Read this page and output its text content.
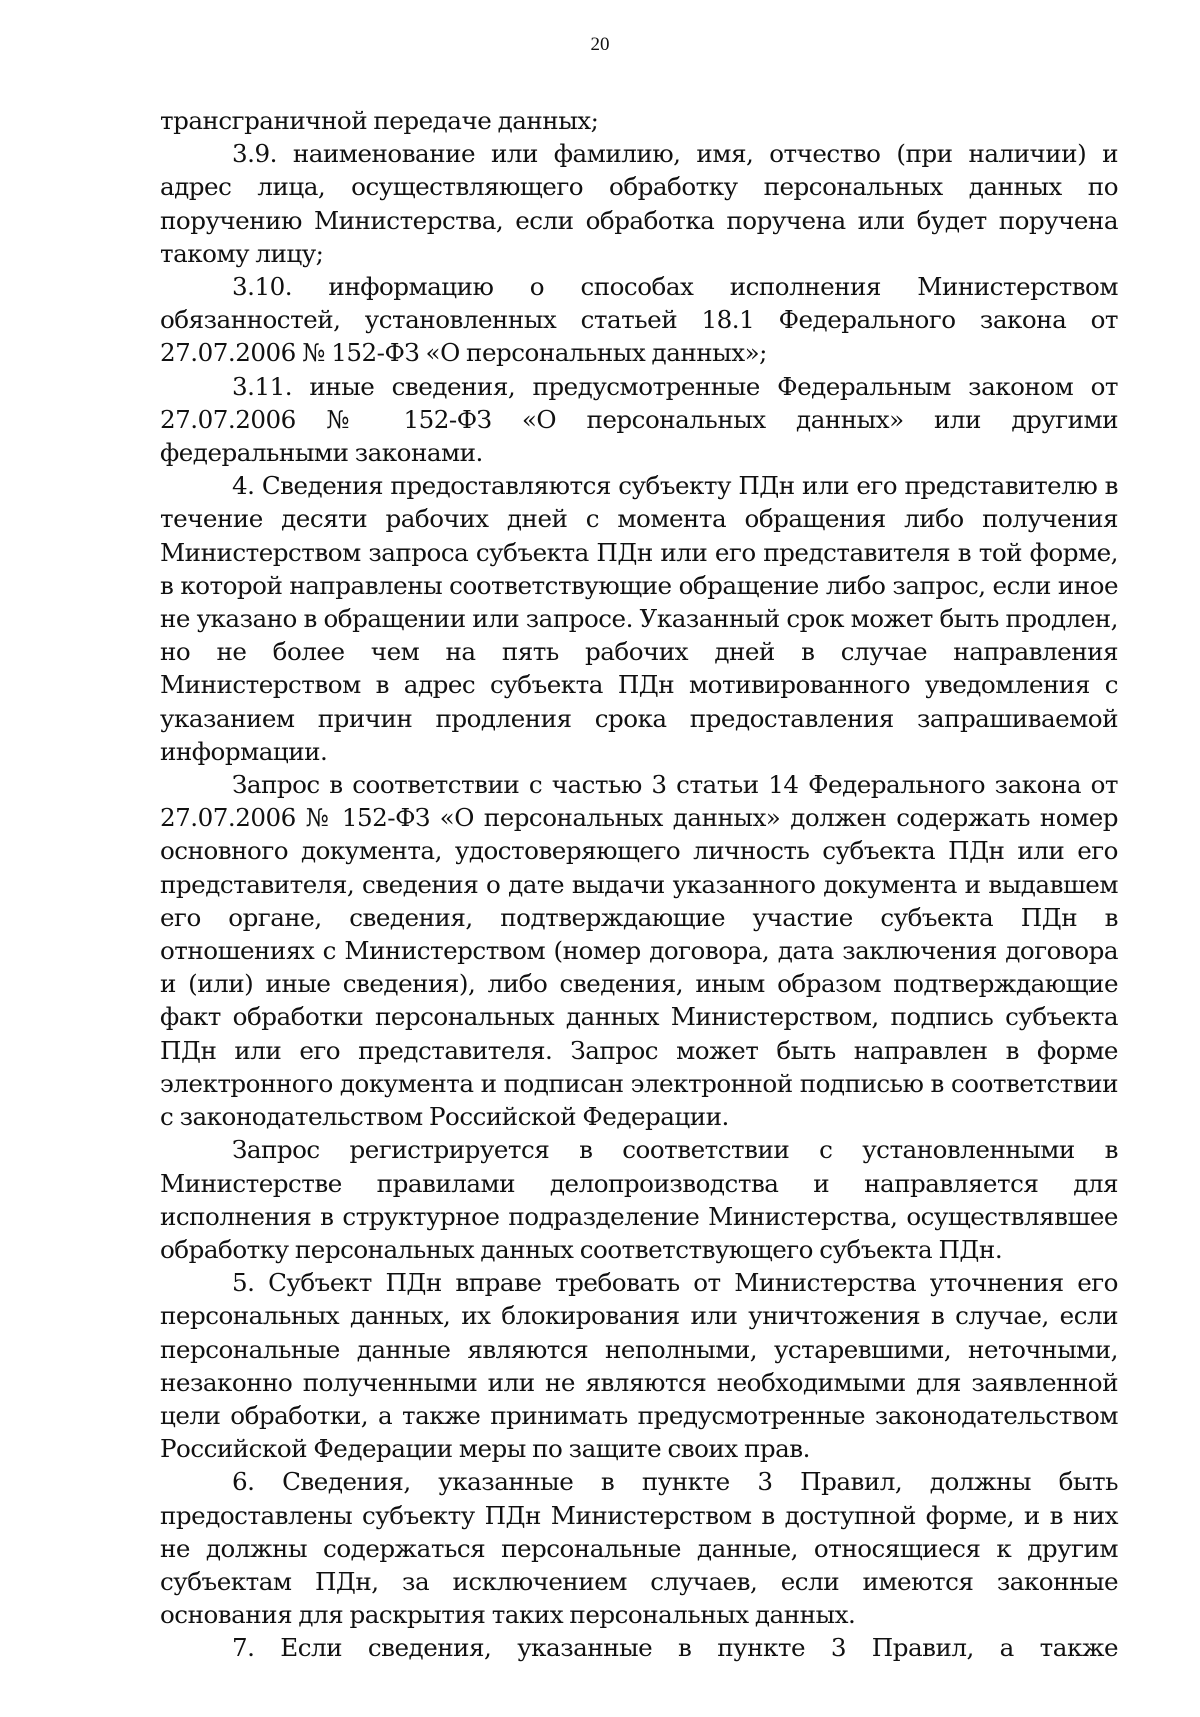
20

трансграничной передаче данных;

3.9. наименование или фамилию, имя, отчество (при наличии) и адрес лица, осуществляющего обработку персональных данных по поручению Министерства, если обработка поручена или будет поручена такому лицу;

3.10. информацию о способах исполнения Министерством обязанностей, установленных статьей 18.1 Федерального закона от 27.07.2006 № 152-ФЗ «О персональных данных»;

3.11. иные сведения, предусмотренные Федеральным законом от 27.07.2006 № 152-ФЗ «О персональных данных» или другими федеральными законами.

4. Сведения предоставляются субъекту ПДн или его представителю в течение десяти рабочих дней с момента обращения либо получения Министерством запроса субъекта ПДн или его представителя в той форме, в которой направлены соответствующие обращение либо запрос, если иное не указано в обращении или запросе. Указанный срок может быть продлен, но не более чем на пять рабочих дней в случае направления Министерством в адрес субъекта ПДн мотивированного уведомления с указанием причин продления срока предоставления запрашиваемой информации.

Запрос в соответствии с частью 3 статьи 14 Федерального закона от 27.07.2006 № 152-ФЗ «О персональных данных» должен содержать номер основного документа, удостоверяющего личность субъекта ПДн или его представителя, сведения о дате выдачи указанного документа и выдавшем его органе, сведения, подтверждающие участие субъекта ПДн в отношениях с Министерством (номер договора, дата заключения договора и (или) иные сведения), либо сведения, иным образом подтверждающие факт обработки персональных данных Министерством, подпись субъекта ПДн или его представителя. Запрос может быть направлен в форме электронного документа и подписан электронной подписью в соответствии с законодательством Российской Федерации.

Запрос регистрируется в соответствии с установленными в Министерстве правилами делопроизводства и направляется для исполнения в структурное подразделение Министерства, осуществлявшее обработку персональных данных соответствующего субъекта ПДн.

5. Субъект ПДн вправе требовать от Министерства уточнения его персональных данных, их блокирования или уничтожения в случае, если персональные данные являются неполными, устаревшими, неточными, незаконно полученными или не являются необходимыми для заявленной цели обработки, а также принимать предусмотренные законодательством Российской Федерации меры по защите своих прав.

6. Сведения, указанные в пункте 3 Правил, должны быть предоставлены субъекту ПДн Министерством в доступной форме, и в них не должны содержаться персональные данные, относящиеся к другим субъектам ПДн, за исключением случаев, если имеются законные основания для раскрытия таких персональных данных.

7. Если сведения, указанные в пункте 3 Правил, а также
